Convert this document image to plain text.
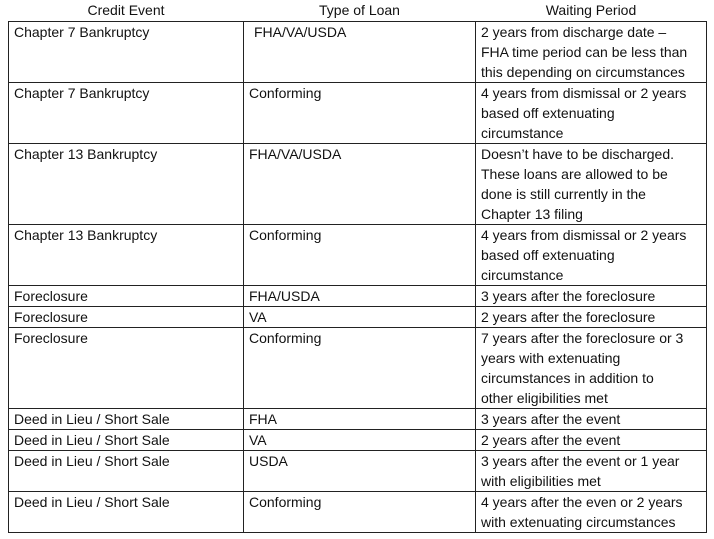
Credit Event	Type of Loan	Waiting Period
Chapter 7 Bankruptcy	FHA/VA/USDA	2 years from discharge date –
FHA time period can be less than
this depending on circumstances

Chapter 7 Bankruptcy	Conforming	4 years from dismissal or 2 years
based off extenuating
circumstance

Chapter 13 Bankruptcy	FHA/VA/USDA	Doesn’t have to be discharged.
These loans are allowed to be
done is still currently in the
Chapter 13 filing

Chapter 13 Bankruptcy	Conforming	4 years from dismissal or 2 years
based off extenuating
circumstance

Foreclosure	FHA/USDA	3 years after the foreclosure

Foreclosure	VA	2 years after the foreclosure

Foreclosure	Conforming	7 years after the foreclosure or 3
years with extenuating
circumstances in addition to
other eligibilities met

Deed in Lieu / Short Sale	FHA	3 years after the event

Deed in Lieu / Short Sale	VA	2 years after the event

Deed in Lieu / Short Sale	USDA	3 years after the event or 1 year
with eligibilities met

Deed in Lieu / Short Sale	Conforming	4 years after the even or 2 years
with extenuating circumstances
